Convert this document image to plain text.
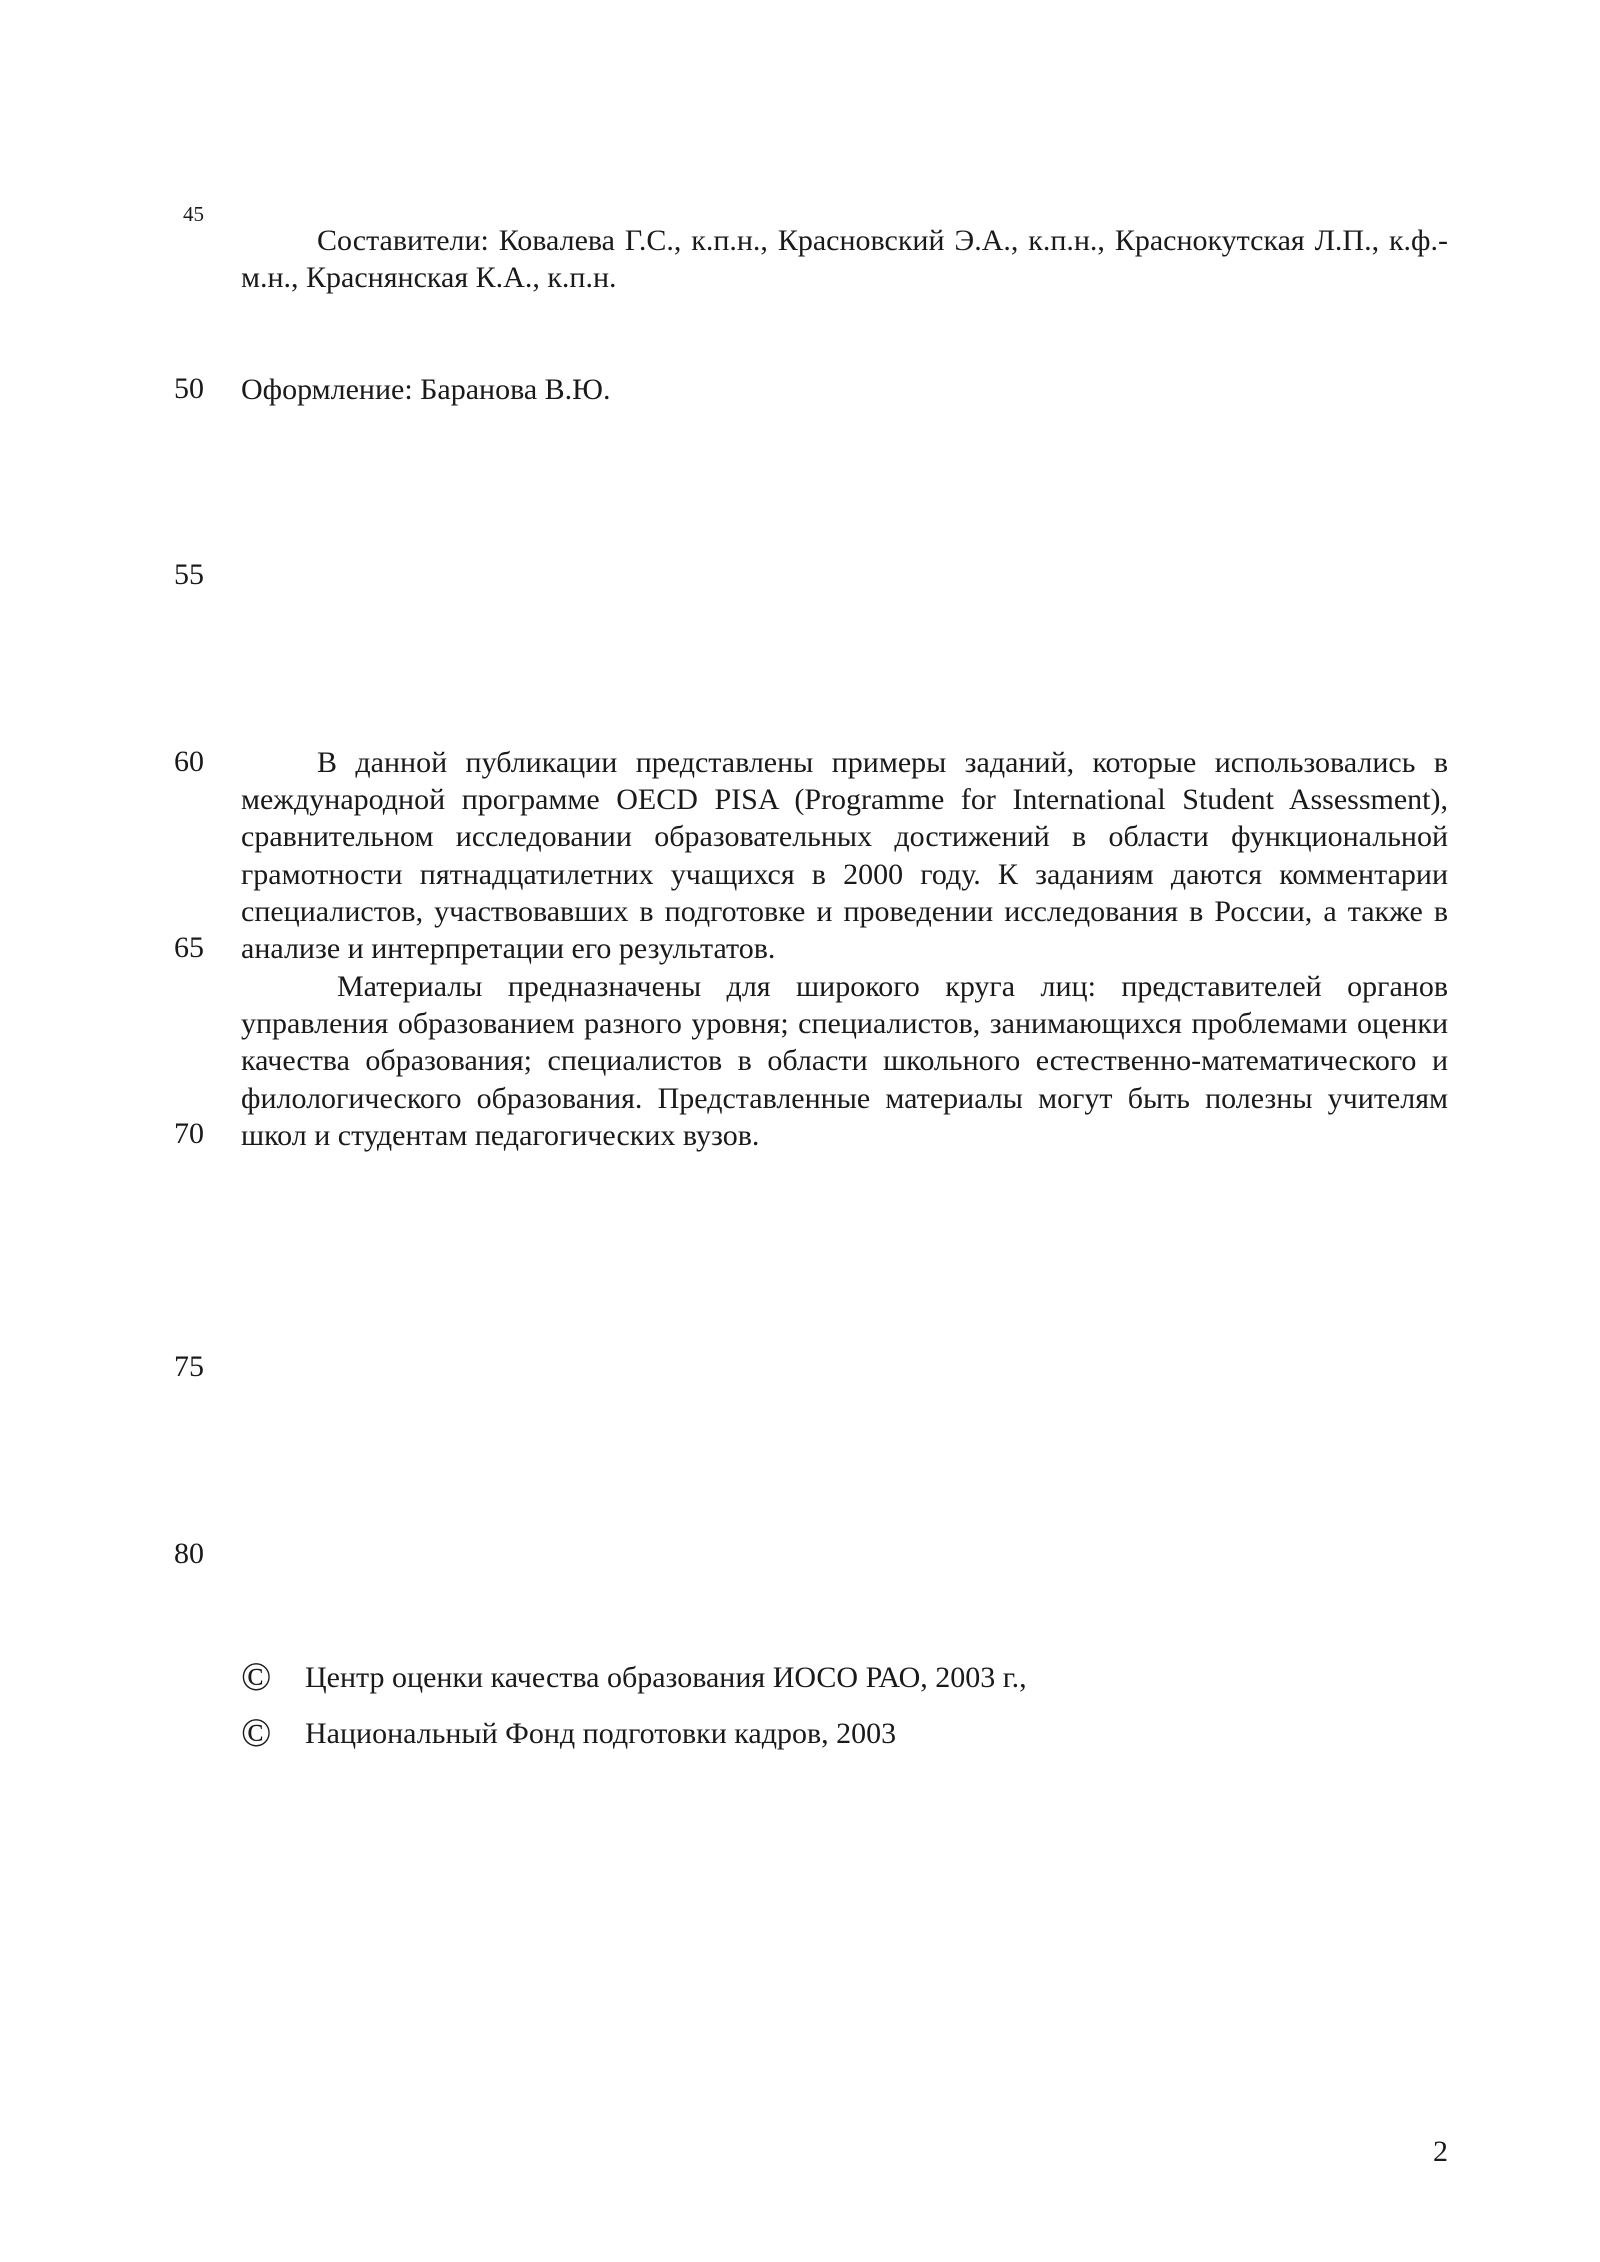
45
50
55
60
65
70
75
80

Составители: Ковалева Г.С., к.п.н., Красновский Э.А., к.п.н., Краснокутская Л.П., к.ф.-м.н., Краснянская К.А., к.п.н.

Оформление: Баранова В.Ю.

В данной публикации представлены примеры заданий, которые использовались в международной программе OECD PISA (Programme for International Student Assessment), сравнительном исследовании образовательных достижений в области функциональной грамотности пятнадцатилетних учащихся в 2000 году. К заданиям даются комментарии специалистов, участвовавших в подготовке и проведении исследования в России, а также в анализе и интерпретации его результатов.

Материалы предназначены для широкого круга лиц: представителей органов управления образованием разного уровня; специалистов, занимающихся проблемами оценки качества образования; специалистов в области школьного естественно-математического и филологического образования. Представленные материалы могут быть полезны учителям школ и студентам педагогических вузов.

© Центр оценки качества образования ИОСО РАО, 2003 г.,
© Национальный Фонд подготовки кадров, 2003
2
